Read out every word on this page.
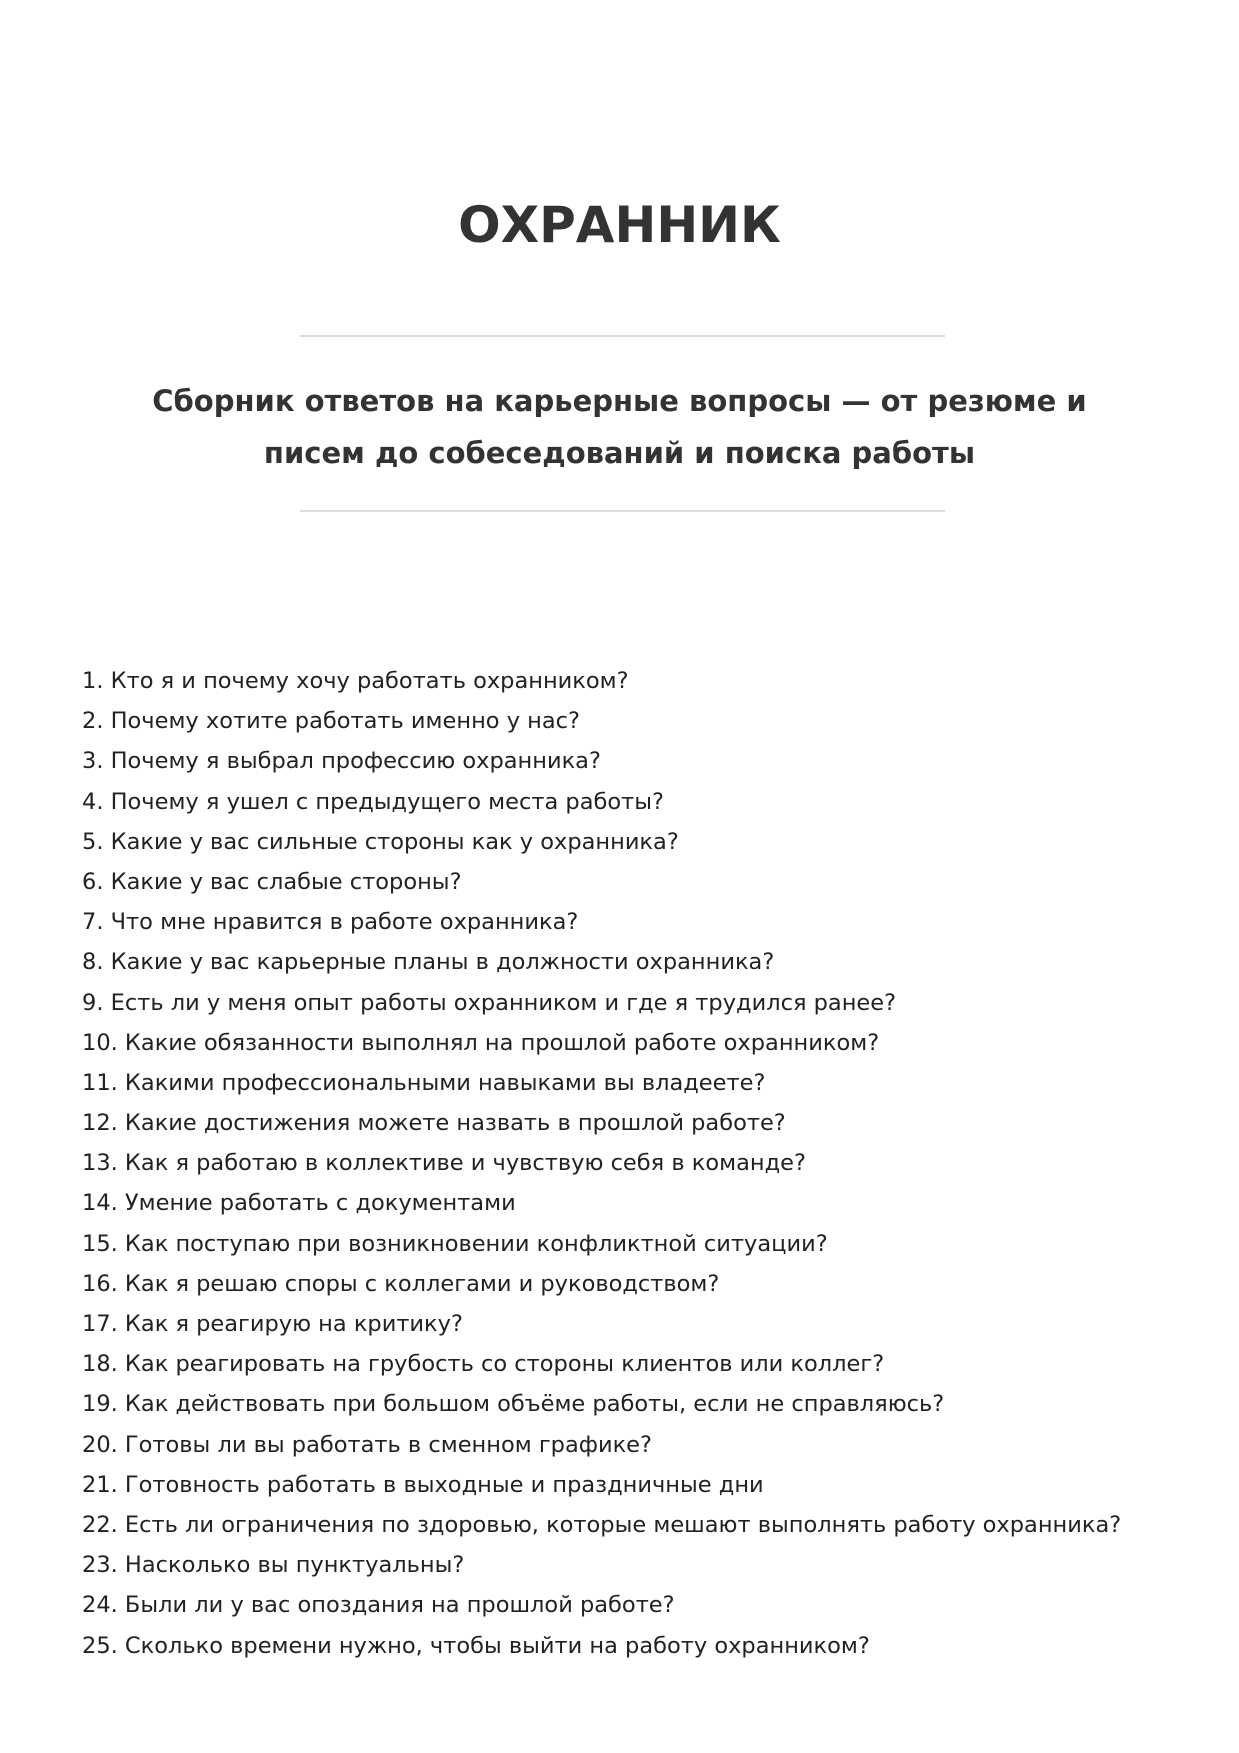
ОХРАННИК

Сборник ответов на карьерные вопросы — от резюме и писем до собеседований и поиска работы

1. Кто я и почему хочу работать охранником?
2. Почему хотите работать именно у нас?
3. Почему я выбрал профессию охранника?
4. Почему я ушел с предыдущего места работы?
5. Какие у вас сильные стороны как у охранника?
6. Какие у вас слабые стороны?
7. Что мне нравится в работе охранника?
8. Какие у вас карьерные планы в должности охранника?
9. Есть ли у меня опыт работы охранником и где я трудился ранее?
10. Какие обязанности выполнял на прошлой работе охранником?
11. Какими профессиональными навыками вы владеете?
12. Какие достижения можете назвать в прошлой работе?
13. Как я работаю в коллективе и чувствую себя в команде?
14. Умение работать с документами
15. Как поступаю при возникновении конфликтной ситуации?
16. Как я решаю споры с коллегами и руководством?
17. Как я реагирую на критику?
18. Как реагировать на грубость со стороны клиентов или коллег?
19. Как действовать при большом объёме работы, если не справляюсь?
20. Готовы ли вы работать в сменном графике?
21. Готовность работать в выходные и праздничные дни
22. Есть ли ограничения по здоровью, которые мешают выполнять работу охранника?
23. Насколько вы пунктуальны?
24. Были ли у вас опоздания на прошлой работе?
25. Сколько времени нужно, чтобы выйти на работу охранником?
